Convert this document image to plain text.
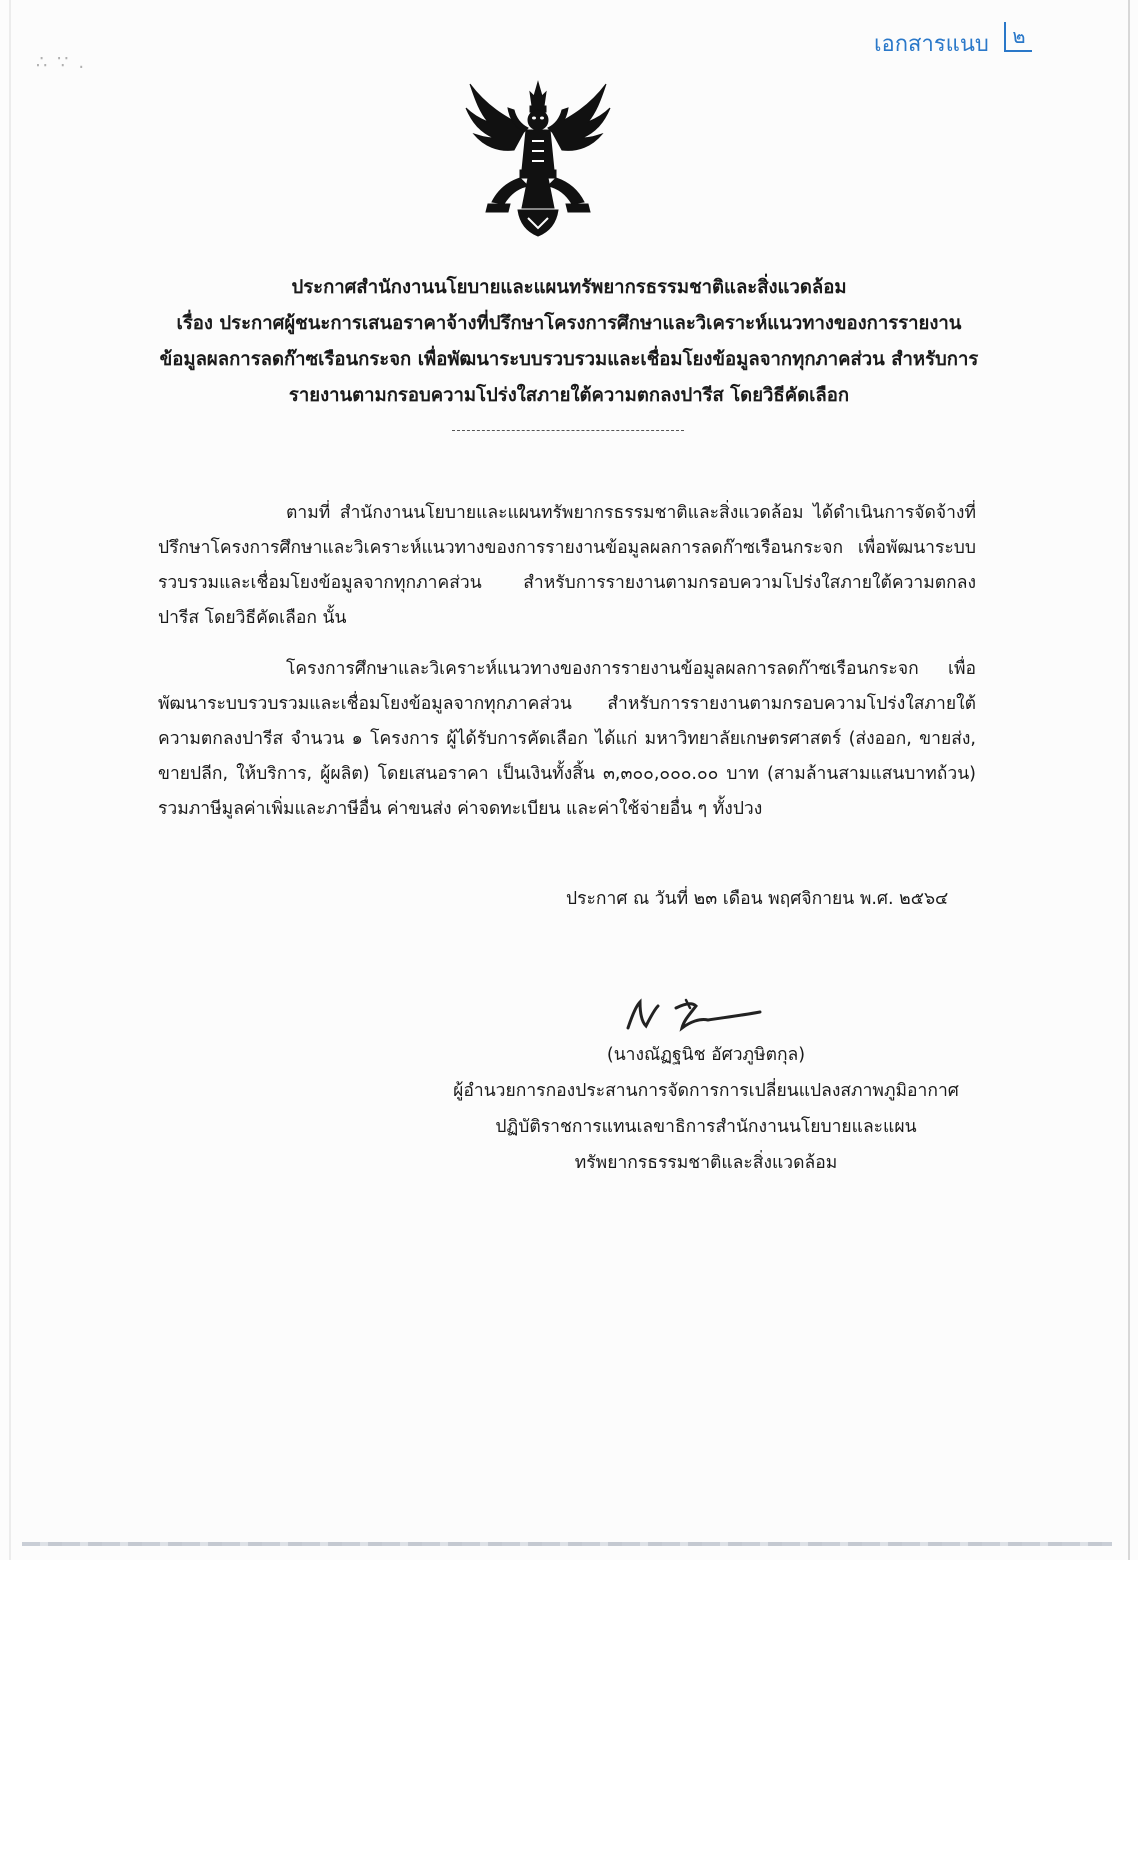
∴ ∵ .
เอกสารแนบ	๒
ประกาศสำนักงานนโยบายและแผนทรัพยากรธรรมชาติและสิ่งแวดล้อม
เรื่อง ประกาศผู้ชนะการเสนอราคาจ้างที่ปรึกษาโครงการศึกษาและวิเคราะห์แนวทางของการรายงาน
ข้อมูลผลการลดก๊าซเรือนกระจก เพื่อพัฒนาระบบรวบรวมและเชื่อมโยงข้อมูลจากทุกภาคส่วน สำหรับการ
รายงานตามกรอบความโปร่งใสภายใต้ความตกลงปารีส โดยวิธีคัดเลือก

ตามที่ สำนักงานนโยบายและแผนทรัพยากรธรรมชาติและสิ่งแวดล้อม ได้ดำเนินการจัดจ้างที่ปรึกษาโครงการศึกษาและวิเคราะห์แนวทางของการรายงานข้อมูลผลการลดก๊าซเรือนกระจก เพื่อพัฒนาระบบรวบรวมและเชื่อมโยงข้อมูลจากทุกภาคส่วน สำหรับการรายงานตามกรอบความโปร่งใสภายใต้ความตกลงปารีส โดยวิธีคัดเลือก นั้น

โครงการศึกษาและวิเคราะห์แนวทางของการรายงานข้อมูลผลการลดก๊าซเรือนกระจก เพื่อพัฒนาระบบรวบรวมและเชื่อมโยงข้อมูลจากทุกภาคส่วน สำหรับการรายงานตามกรอบความโปร่งใสภายใต้ความตกลงปารีส จำนวน ๑ โครงการ ผู้ได้รับการคัดเลือก ได้แก่ มหาวิทยาลัยเกษตรศาสตร์ (ส่งออก, ขายส่ง, ขายปลีก, ให้บริการ, ผู้ผลิต) โดยเสนอราคา เป็นเงินทั้งสิ้น ๓,๓๐๐,๐๐๐.๐๐ บาท (สามล้านสามแสนบาทถ้วน) รวมภาษีมูลค่าเพิ่มและภาษีอื่น ค่าขนส่ง ค่าจดทะเบียน และค่าใช้จ่ายอื่น ๆ ทั้งปวง

ประกาศ ณ วันที่ ๒๓ เดือน พฤศจิกายน พ.ศ. ๒๕๖๔
(นางณัฏฐนิช อัศวภูษิตกุล)
ผู้อำนวยการกองประสานการจัดการการเปลี่ยนแปลงสภาพภูมิอากาศ
ปฏิบัติราชการแทนเลขาธิการสำนักงานนโยบายและแผน
ทรัพยากรธรรมชาติและสิ่งแวดล้อม
